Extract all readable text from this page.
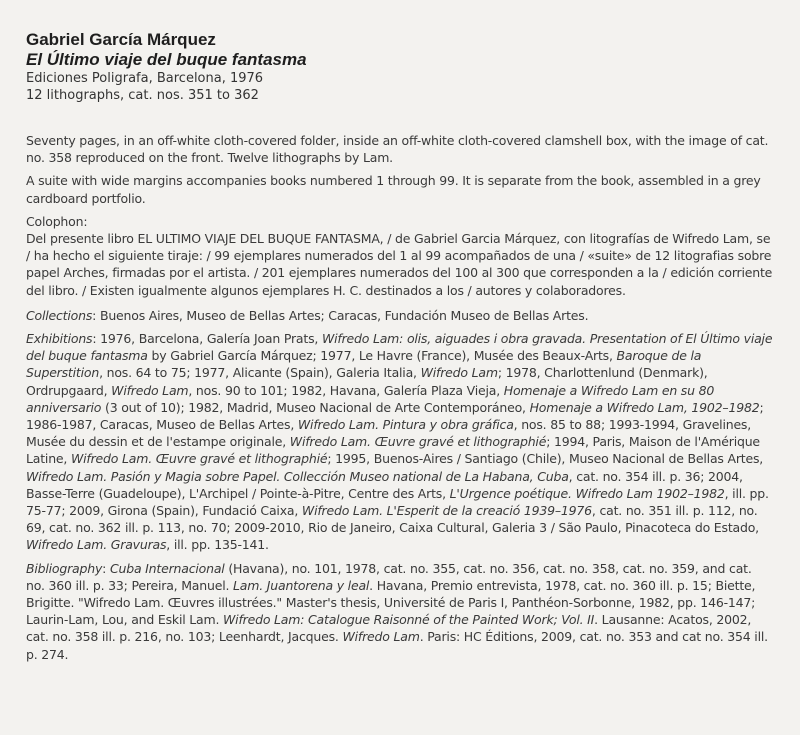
Gabriel García Márquez
El Último viaje del buque fantasma
Ediciones Poligrafa, Barcelona, 1976
12 lithographs, cat. nos. 351 to 362

Seventy pages, in an off-white cloth-covered folder, inside an off-white cloth-covered clamshell box, with the image of cat. no. 358 reproduced on the front. Twelve lithographs by Lam.

A suite with wide margins accompanies books numbered 1 through 99. It is separate from the book, assembled in a grey cardboard portfolio.

Colophon:

Del presente libro EL ULTIMO VIAJE DEL BUQUE FANTASMA, / de Gabriel Garcia Márquez, con litografías de Wifredo Lam, se / ha hecho el siguiente tiraje: / 99 ejemplares numerados del 1 al 99 acompañados de una / «suite» de 12 litografias sobre papel Arches, firmadas por el artista. / 201 ejemplares numerados del 100 al 300 que corresponden a la / edición corriente del libro. / Existen igualmente algunos ejemplares H. C. destinados a los / autores y colaboradores.

Collections: Buenos Aires, Museo de Bellas Artes; Caracas, Fundación Museo de Bellas Artes.

Exhibitions: 1976, Barcelona, Galería Joan Prats, Wifredo Lam: olis, aiguades i obra gravada. Presentation of El Último viaje del buque fantasma by Gabriel García Márquez; 1977, Le Havre (France), Musée des Beaux-Arts, Baroque de la Superstition, nos. 64 to 75; 1977, Alicante (Spain), Galeria Italia, Wifredo Lam; 1978, Charlottenlund (Denmark), Ordrupgaard, Wifredo Lam, nos. 90 to 101; 1982, Havana, Galería Plaza Vieja, Homenaje a Wifredo Lam en su 80 anniversario (3 out of 10); 1982, Madrid, Museo Nacional de Arte Contemporáneo, Homenaje a Wifredo Lam, 1902–1982; 1986-1987, Caracas, Museo de Bellas Artes, Wifredo Lam. Pintura y obra gráfica, nos. 85 to 88; 1993-1994, Gravelines, Musée du dessin et de l'estampe originale, Wifredo Lam. Œuvre gravé et lithographié; 1994, Paris, Maison de l'Amérique Latine, Wifredo Lam. Œuvre gravé et lithographié; 1995, Buenos-Aires / Santiago (Chile), Museo Nacional de Bellas Artes, Wifredo Lam. Pasión y Magia sobre Papel. Collección Museo national de La Habana, Cuba, cat. no. 354 ill. p. 36; 2004, Basse-Terre (Guadeloupe), L'Archipel / Pointe-à-Pitre, Centre des Arts, L'Urgence poétique. Wifredo Lam 1902–1982, ill. pp. 75-77; 2009, Girona (Spain), Fundació Caixa, Wifredo Lam. L'Esperit de la creació 1939–1976, cat. no. 351 ill. p. 112, no. 69, cat. no. 362 ill. p. 113, no. 70; 2009-2010, Rio de Janeiro, Caixa Cultural, Galeria 3 / São Paulo, Pinacoteca do Estado, Wifredo Lam. Gravuras, ill. pp. 135-141.

Bibliography: Cuba Internacional (Havana), no. 101, 1978, cat. no. 355, cat. no. 356, cat. no. 358, cat. no. 359, and cat. no. 360 ill. p. 33; Pereira, Manuel. Lam. Juantorena y leal. Havana, Premio entrevista, 1978, cat. no. 360 ill. p. 15; Biette, Brigitte. "Wifredo Lam. Œuvres illustrées." Master's thesis, Université de Paris I, Panthéon-Sorbonne, 1982, pp. 146-147; Laurin-Lam, Lou, and Eskil Lam. Wifredo Lam: Catalogue Raisonné of the Painted Work; Vol. II. Lausanne: Acatos, 2002, cat. no. 358 ill. p. 216, no. 103; Leenhardt, Jacques. Wifredo Lam. Paris: HC Éditions, 2009, cat. no. 353 and cat no. 354 ill. p. 274.
